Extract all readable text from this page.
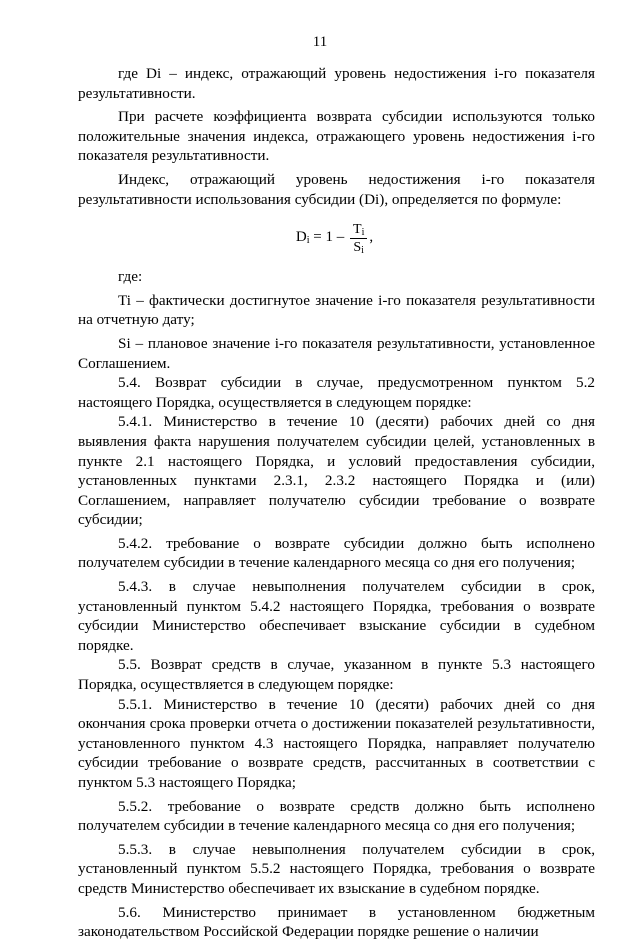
11

где Di – индекс, отражающий уровень недостижения i-го показателя результативности.

При расчете коэффициента возврата субсидии используются только положительные значения индекса, отражающего уровень недостижения i-го показателя результативности.

Индекс, отражающий уровень недостижения i-го показателя результативности использования субсидии (Di), определяется по формуле:

$D_i = 1 - \frac{T_i}{S_i}$ ,

где:

Ti – фактически достигнутое значение i-го показателя результативности на отчетную дату;

Si – плановое значение i-го показателя результативности, установленное Соглашением.

5.4. Возврат субсидии в случае, предусмотренном пунктом 5.2 настоящего Порядка, осуществляется в следующем порядке:

5.4.1. Министерство в течение 10 (десяти) рабочих дней со дня выявления факта нарушения получателем субсидии целей, установленных в пункте 2.1 настоящего Порядка, и условий предоставления субсидии, установленных пунктами 2.3.1, 2.3.2 настоящего Порядка и (или) Соглашением, направляет получателю субсидии требование о возврате субсидии;

5.4.2. требование о возврате субсидии должно быть исполнено получателем субсидии в течение календарного месяца со дня его получения;

5.4.3. в случае невыполнения получателем субсидии в срок, установленный пунктом 5.4.2 настоящего Порядка, требования о возврате субсидии Министерство обеспечивает взыскание субсидии в судебном порядке.

5.5. Возврат средств в случае, указанном в пункте 5.3 настоящего Порядка, осуществляется в следующем порядке:

5.5.1. Министерство в течение 10 (десяти) рабочих дней со дня окончания срока проверки отчета о достижении показателей результативности, установленного пунктом 4.3 настоящего Порядка, направляет получателю субсидии требование о возврате средств, рассчитанных в соответствии с пунктом 5.3 настоящего Порядка;

5.5.2. требование о возврате средств должно быть исполнено получателем субсидии в течение календарного месяца со дня его получения;

5.5.3. в случае невыполнения получателем субсидии в срок, установленный пунктом 5.5.2 настоящего Порядка, требования о возврате средств Министерство обеспечивает их взыскание в судебном порядке.

5.6. Министерство принимает в установленном бюджетным законодательством Российской Федерации порядке решение о наличии
